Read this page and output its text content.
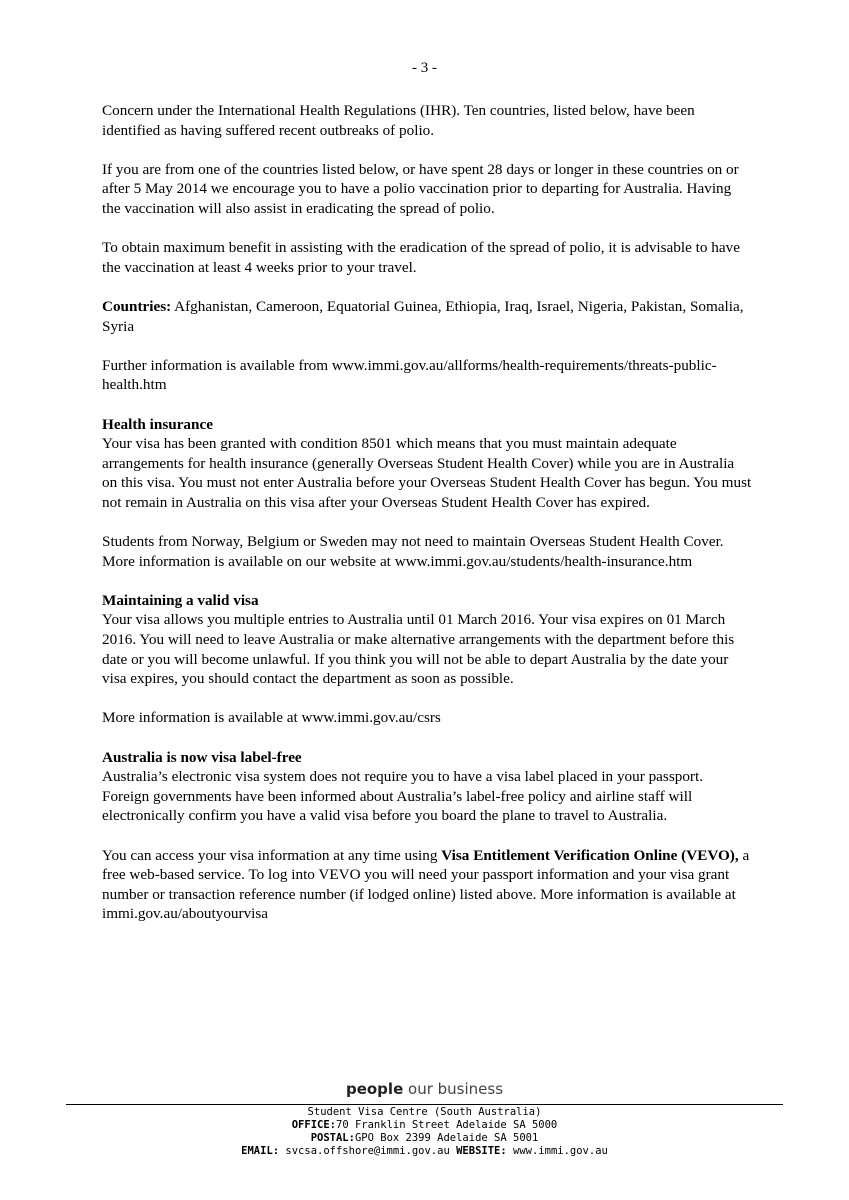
- 3 -

Concern under the International Health Regulations (IHR). Ten countries, listed below, have been identified as having suffered recent outbreaks of polio.

If you are from one of the countries listed below, or have spent 28 days or longer in these countries on or after 5 May 2014 we encourage you to have a polio vaccination prior to departing for Australia. Having the vaccination will also assist in eradicating the spread of polio.

To obtain maximum benefit in assisting with the eradication of the spread of polio, it is advisable to have the vaccination at least 4 weeks prior to your travel.

Countries: Afghanistan, Cameroon, Equatorial Guinea, Ethiopia, Iraq, Israel, Nigeria, Pakistan, Somalia, Syria

Further information is available from www.immi.gov.au/allforms/health-requirements/threats-public-health.htm

Health insurance

Your visa has been granted with condition 8501 which means that you must maintain adequate arrangements for health insurance (generally Overseas Student Health Cover) while you are in Australia on this visa. You must not enter Australia before your Overseas Student Health Cover has begun. You must not remain in Australia on this visa after your Overseas Student Health Cover has expired.

Students from Norway, Belgium or Sweden may not need to maintain Overseas Student Health Cover. More information is available on our website at www.immi.gov.au/students/health-insurance.htm

Maintaining a valid visa

Your visa allows you multiple entries to Australia until 01 March 2016. Your visa expires on 01 March 2016. You will need to leave Australia or make alternative arrangements with the department before this date or you will become unlawful. If you think you will not be able to depart Australia by the date your visa expires, you should contact the department as soon as possible.

More information is available at www.immi.gov.au/csrs

Australia is now visa label-free

Australia’s electronic visa system does not require you to have a visa label placed in your passport. Foreign governments have been informed about Australia’s label-free policy and airline staff will electronically confirm you have a valid visa before you board the plane to travel to Australia.

You can access your visa information at any time using Visa Entitlement Verification Online (VEVO), a free web-based service. To log into VEVO you will need your passport information and your visa grant number or transaction reference number (if lodged online) listed above. More information is available at immi.gov.au/aboutyourvisa

people our business
Student Visa Centre (South Australia)
OFFICE:70 Franklin Street Adelaide SA 5000
POSTAL:GPO Box 2399 Adelaide SA 5001
EMAIL: svcsa.offshore@immi.gov.au WEBSITE: www.immi.gov.au
